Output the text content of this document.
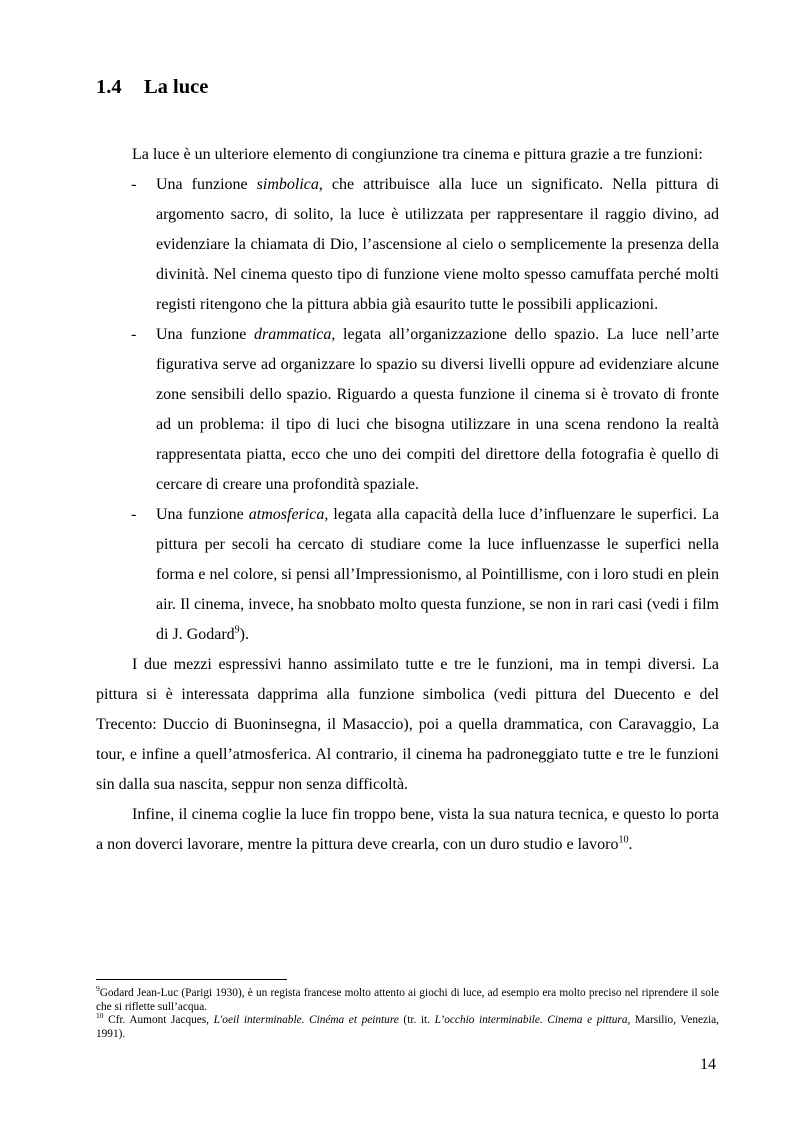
1.4 La luce

La luce è un ulteriore elemento di congiunzione tra cinema e pittura grazie a tre funzioni:

- Una funzione simbolica, che attribuisce alla luce un significato. Nella pittura di argomento sacro, di solito, la luce è utilizzata per rappresentare il raggio divino, ad evidenziare la chiamata di Dio, l’ascensione al cielo o semplicemente la presenza della divinità. Nel cinema questo tipo di funzione viene molto spesso camuffata perché molti registi ritengono che la pittura abbia già esaurito tutte le possibili applicazioni.
- Una funzione drammatica, legata all’organizzazione dello spazio. La luce nell’arte figurativa serve ad organizzare lo spazio su diversi livelli oppure ad evidenziare alcune zone sensibili dello spazio. Riguardo a questa funzione il cinema si è trovato di fronte ad un problema: il tipo di luci che bisogna utilizzare in una scena rendono la realtà rappresentata piatta, ecco che uno dei compiti del direttore della fotografia è quello di cercare di creare una profondità spaziale.
- Una funzione atmosferica, legata alla capacità della luce d’influenzare le superfici. La pittura per secoli ha cercato di studiare come la luce influenzasse le superfici nella forma e nel colore, si pensi all’Impressionismo, al Pointillisme, con i loro studi en plein air. Il cinema, invece, ha snobbato molto questa funzione, se non in rari casi (vedi i film di J. Godard$^9$).

I due mezzi espressivi hanno assimilato tutte e tre le funzioni, ma in tempi diversi. La pittura si è interessata dapprima alla funzione simbolica (vedi pittura del Duecento e del Trecento: Duccio di Buoninsegna, il Masaccio), poi a quella drammatica, con Caravaggio, La tour, e infine a quell’atmosferica. Al contrario, il cinema ha padroneggiato tutte e tre le funzioni sin dalla sua nascita, seppur non senza difficoltà.

Infine, il cinema coglie la luce fin troppo bene, vista la sua natura tecnica, e questo lo porta a non doverci lavorare, mentre la pittura deve crearla, con un duro studio e lavoro$^{10}$.

$^9$Godard Jean-Luc (Parigi 1930), è un regista francese molto attento ai giochi di luce, ad esempio era molto preciso nel riprendere il sole che si riflette sull’acqua.
$^{10}$ Cfr. Aumont Jacques, L'oeil interminable. Cinéma et peinture (tr. it. L’occhio interminabile. Cinema e pittura, Marsilio, Venezia, 1991).
14
